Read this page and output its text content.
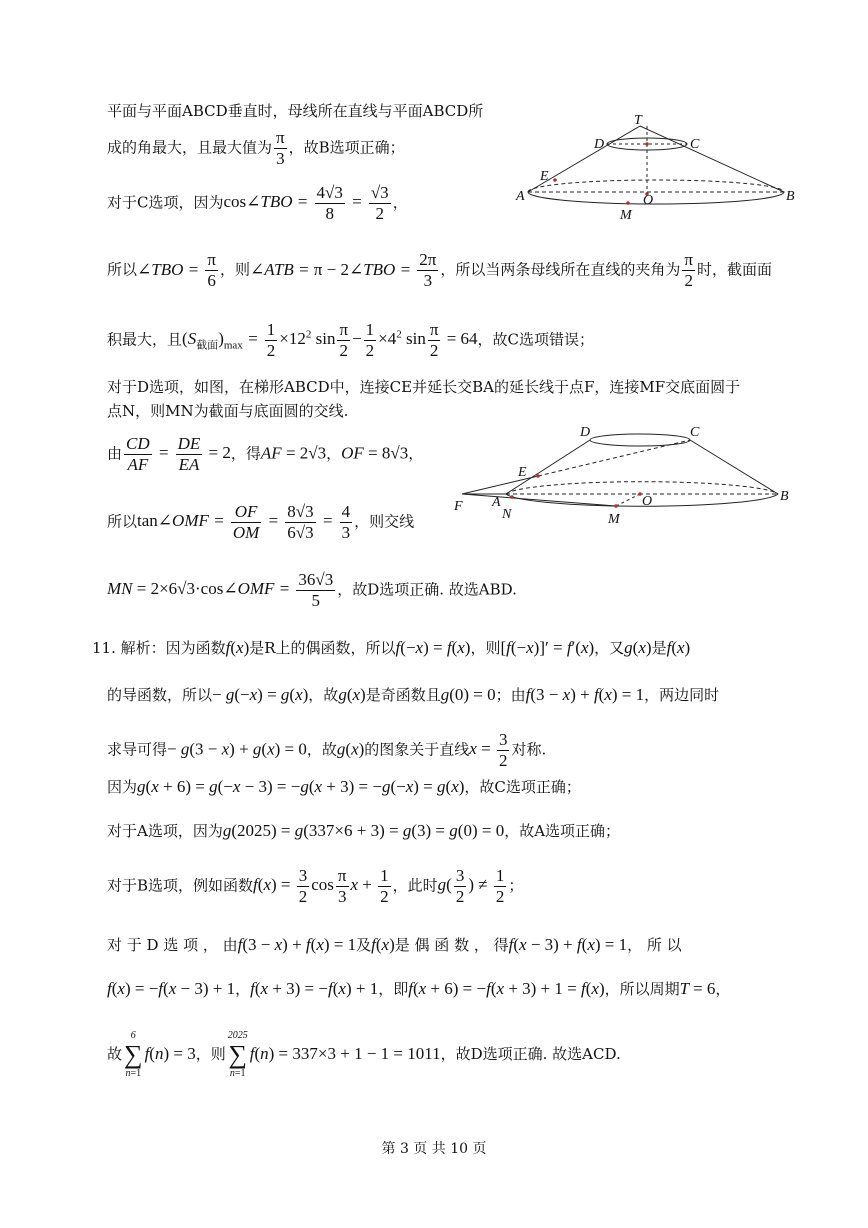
平面与平面ABCD垂直时，母线所在直线与平面ABCD所
成的角最大，且最大值为 $\frac{\pi}{3}$ ，故B选项正确；
对于C选项，因为cos∠TBO = $\frac{4√3}{8} = \frac{√3}{2}$ ，
所以∠TBO = $\frac{\pi}{6}$ ，则∠ATB = π − 2∠TBO = $\frac{2\pi}{3}$ ，所以当两条母线所在直线的夹角为 $\frac{\pi}{2}$ 时，截面面
积最大，且$(S_{截面})_{max} = \frac{1}{2} \times 12^2$ $\sin \frac{\pi}{2} - \frac{1}{2} \times 4^2$ $\sin \frac{\pi}{2} = 64$，故C选项错误；
对于D选项，如图，在梯形ABCD中，连接CE并延长交BA的延长线于点F，连接MF交底面圆于
点N，则MN为截面与底面圆的交线.
由 $\frac{CD}{AF} = \frac{DE}{EA} = 2$，得AF = 2√3，OF = 8√3，
所以tan∠OMF = $\frac{OF}{OM} = \frac{8√3}{6√3} = \frac{4}{3}$ ，则交线
MN = 2×6√3·cos∠OMF = $\frac{36√3}{5}$ ，故D选项正确. 故选ABD.
11. 解析：因为函数f(x)是R上的偶函数，所以f(−x) = f(x)，则[f(−x)]′ = f′(x)，又g(x)是f(x)
的导函数，所以− g(−x) = g(x)，故g(x)是奇函数且g(0) = 0；由f(3 − x) + f(x) = 1，两边同时
求导可得− g(3 − x) + g(x) = 0，故g(x)的图象关于直线$x = \frac{3}{2}$ 对称.
因为g(x + 6) = g(−x − 3) = −g(x + 3) = −g(−x) = g(x)，故C选项正确；
对于A选项，因为g(2025) = g(337×6 + 3) = g(3) = g(0) = 0，故A选项正确；
对于B选项，例如函数$f(x) = \frac{3}{2}$ $\cos \frac{\pi}{3}$ $x + \frac{1}{2}$ ，此时$g( \frac{3}{2}$ ) ≠ $\frac{1}{2}$ ；
对 于 D 选 项 ， 由f(3 − x) + f(x) = 1及f(x)是 偶 函 数 ， 得f(x − 3) + f(x) = 1， 所 以
f(x) = −f(x − 3) + 1，f(x + 3) = −f(x) + 1，即f(x + 6) = −f(x + 3) + 1 = f(x)，所以周期T = 6，
故
6
∑
n=1
f(n) = 3，则
2025
∑
n=1
f(n) = 337×3 + 1 − 1 = 1011，故D选项正确. 故选ACD.
T
D	C
E
A	O	B
M
D	C
E
F A
N
O	B
M
第 3 页 共 10 页
